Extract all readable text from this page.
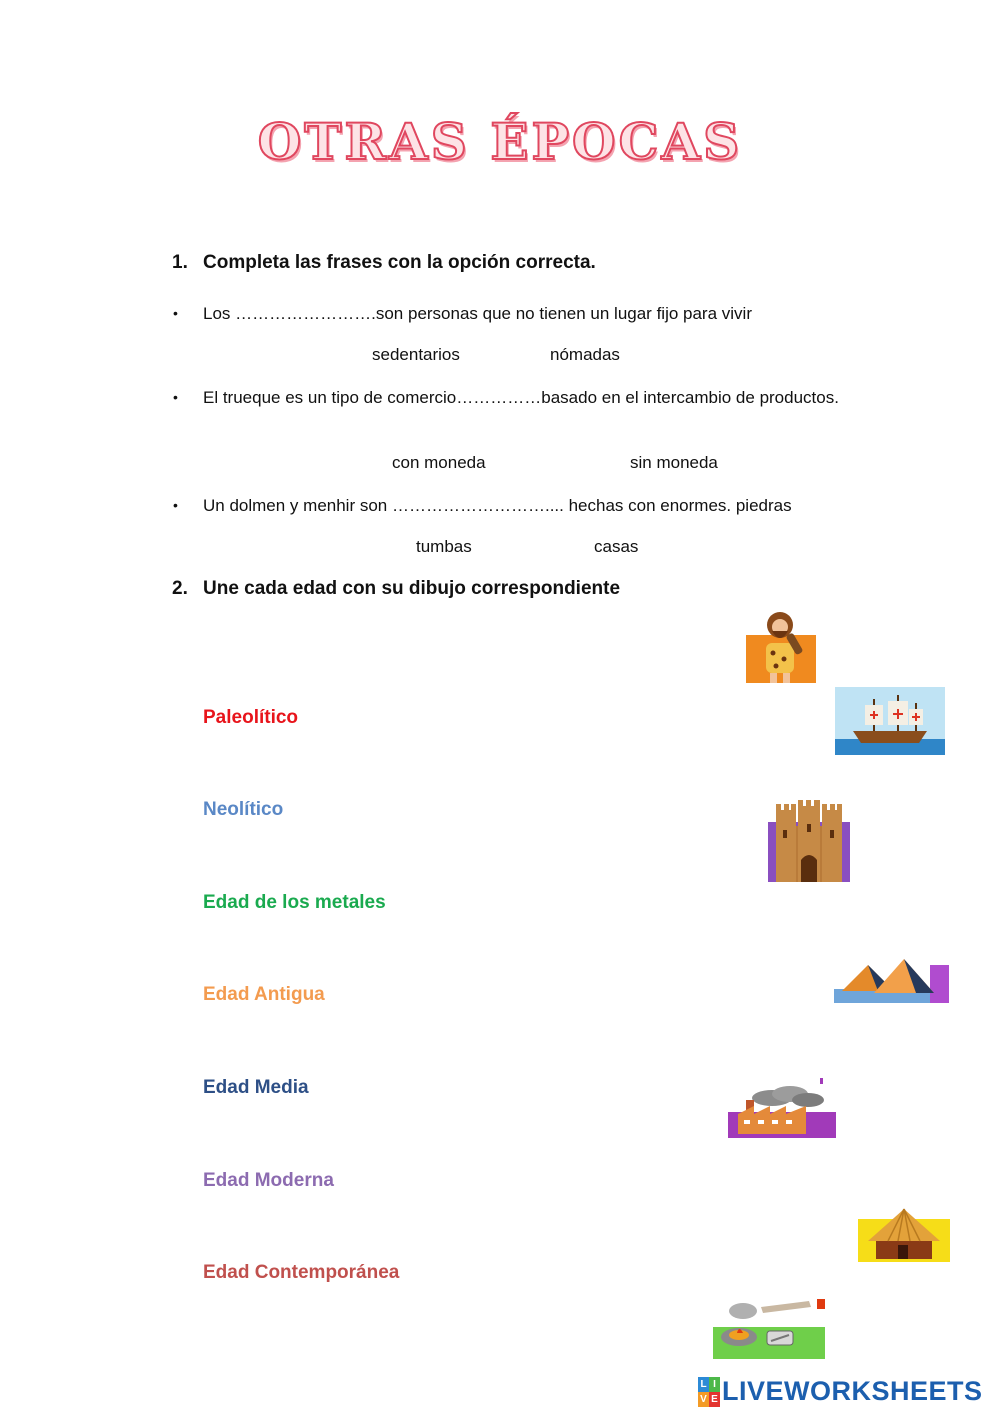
OTRAS ÉPOCAS
1. Completa las frases con la opción correcta.
• Los …………………….son personas que no tienen un lugar fijo para vivir
sedentarios	nómadas
• El trueque es un tipo de comercio……………basado en el intercambio de productos.
con moneda	sin moneda
• Un dolmen y menhir son ……………………….... hechas con enormes. piedras
tumbas	casas
2. Une cada edad con su dibujo correspondiente
Paleolítico
Neolítico
Edad de los metales
Edad Antigua
Edad Media
Edad Moderna
Edad Contemporánea
L I
V E LIVEWORKSHEETS
